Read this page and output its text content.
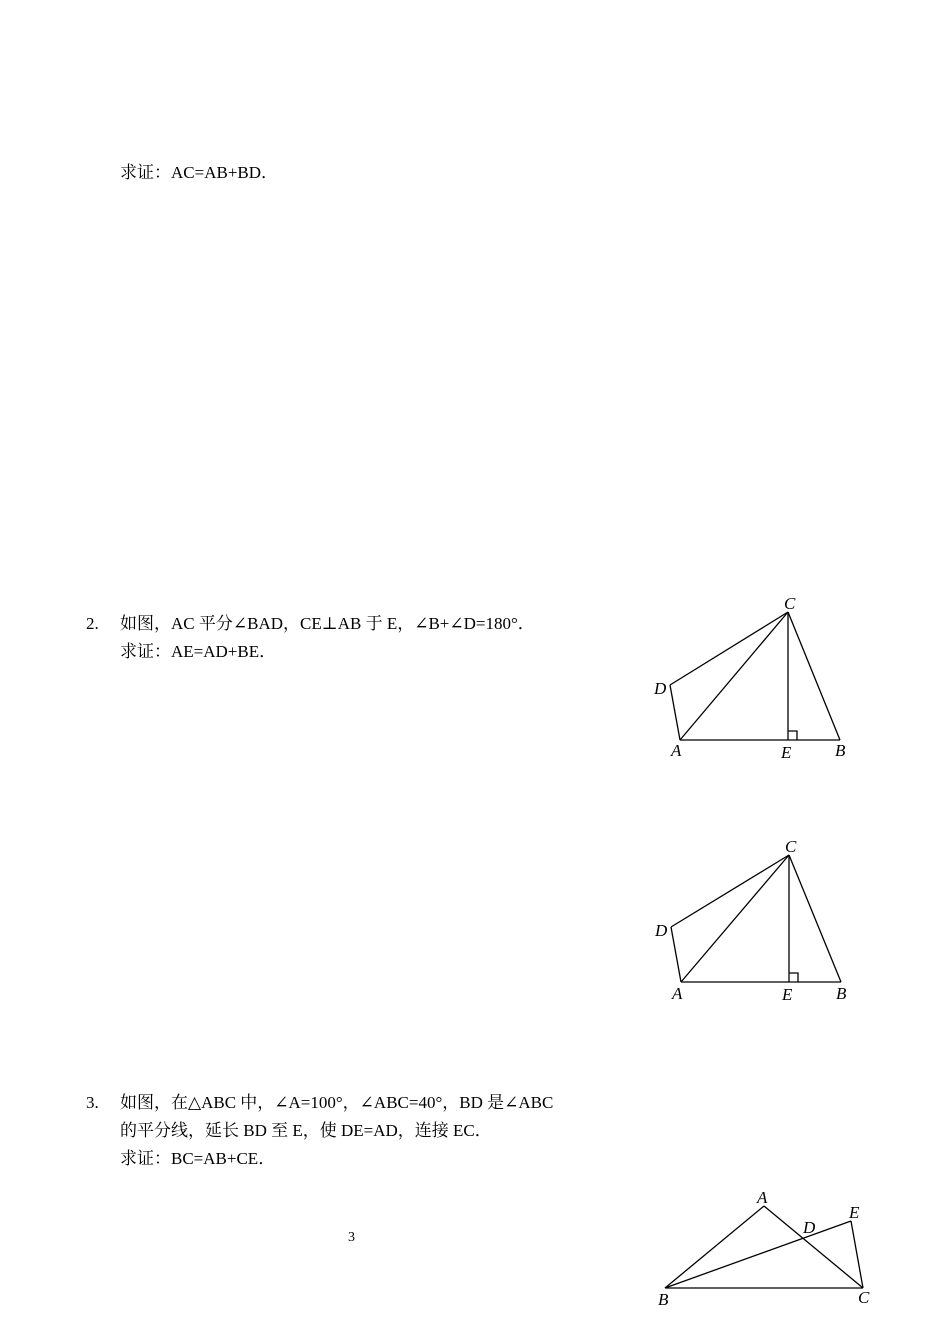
求证：AC=AB+BD．
2. 如图，AC 平分∠BAD，CE⊥AB 于 E，∠B+∠D=180°．
求证：AE=AD+BE．
3. 如图，在△ABC 中，∠A=100°，∠ABC=40°，BD 是∠ABC
的平分线，延长 BD 至 E，使 DE=AD，连接 EC．
求证：BC=AB+CE．
3
C
D
A	E	B
C
D
A	E	B
A
E
D
B	C
